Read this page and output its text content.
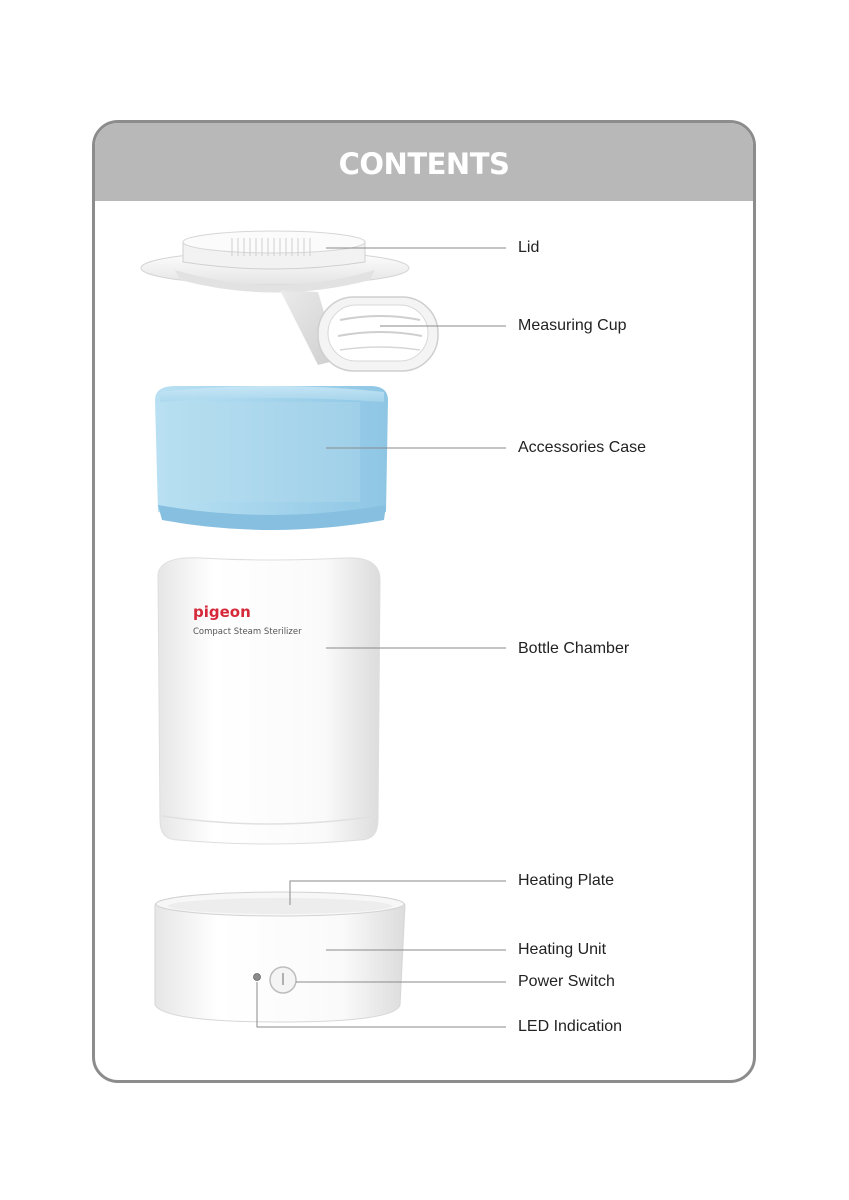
CONTENTS
pigeon
Compact Steam Sterilizer
Lid
Measuring Cup
Accessories Case
Bottle Chamber
Heating Plate
Heating Unit
Power Switch
LED Indication
